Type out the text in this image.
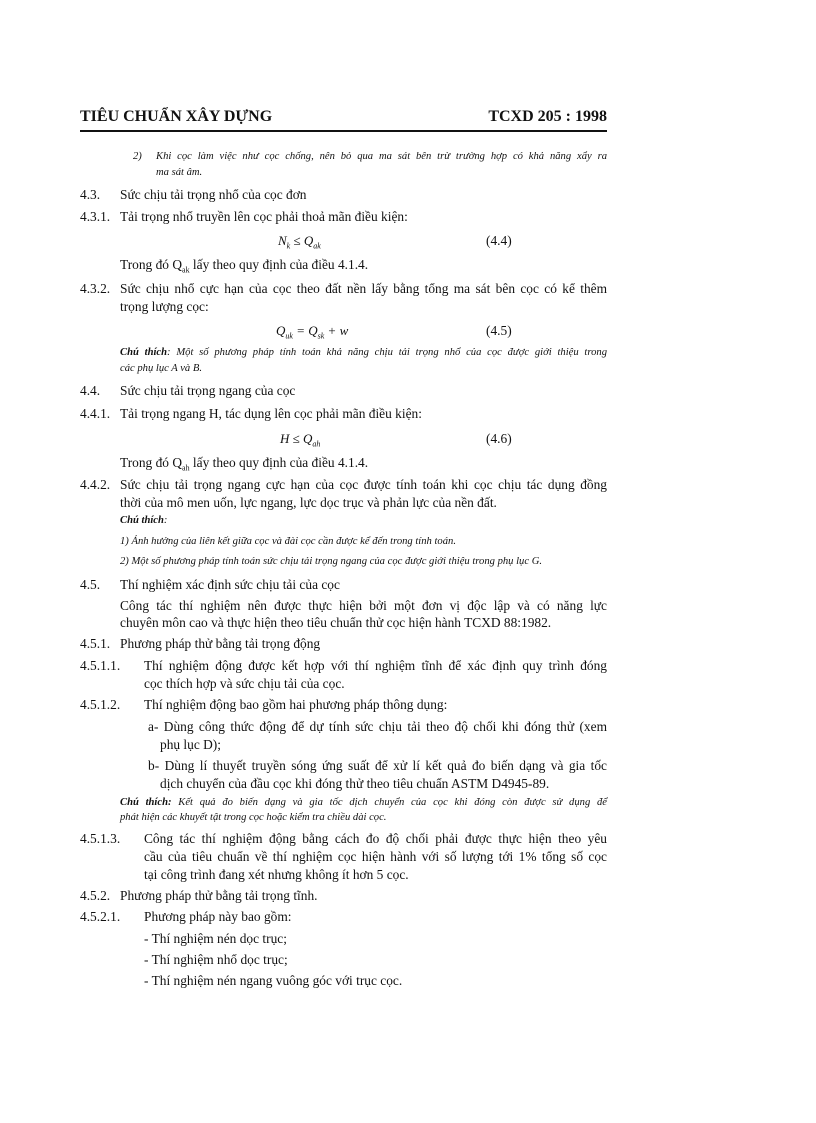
TIÊU CHUẨN XÂY DỰNG	TCXD 205 : 1998
2) Khi cọc làm việc như cọc chống, nên bỏ qua ma sát bên trừ trường hợp có khả năng xẩy ra
ma sát âm.
4.3. Sức chịu tải trọng nhổ của cọc đơn
4.3.1. Tải trọng nhổ truyền lên cọc phải thoả mãn điều kiện:
$N_k \le Q_{ak}$	(4.4)
Trong đó $Q_{ak}$ lấy theo quy định của điều 4.1.4.
4.3.2. Sức chịu nhổ cực hạn của cọc theo đất nền lấy bằng tổng ma sát bên cọc có kể thêm
trọng lượng cọc:
$Q_{uk} = Q_{sk} + w$	(4.5)
Chú thích: Một số phương pháp tính toán khả năng chịu tải trọng nhổ của cọc được giới thiệu trong
các phụ lục A và B.
4.4. Sức chịu tải trọng ngang của cọc
4.4.1. Tải trọng ngang H, tác dụng lên cọc phải mãn điều kiện:
$H \le Q_{ah}$	(4.6)
Trong đó $Q_{ah}$ lấy theo quy định của điều 4.1.4.
4.4.2. Sức chịu tải trọng ngang cực hạn của cọc được tính toán khi cọc chịu tác dụng đồng
thời của mô men uốn, lực ngang, lực dọc trục và phản lực của nền đất.
Chú thích:
1) Ảnh hưởng của liên kết giữa cọc và đài cọc cần được kể đến trong tính toán.
2) Một số phương pháp tính toán sức chịu tải trọng ngang của cọc được giới thiệu trong phụ lục G.
4.5. Thí nghiệm xác định sức chịu tải của cọc
Công tác thí nghiệm nên được thực hiện bởi một đơn vị độc lập và có năng lực
chuyên môn cao và thực hiện theo tiêu chuẩn thử cọc hiện hành TCXD 88:1982.
4.5.1. Phương pháp thử bằng tải trọng động
4.5.1.1. Thí nghiệm động được kết hợp với thí nghiệm tĩnh để xác định quy trình đóng
cọc thích hợp và sức chịu tải của cọc.
4.5.1.2. Thí nghiệm động bao gồm hai phương pháp thông dụng:
a- Dùng công thức động để dự tính sức chịu tải theo độ chối khi đóng thử (xem
phụ lục D);
b- Dùng lí thuyết truyền sóng ứng suất để xử lí kết quả đo biến dạng và gia tốc
dịch chuyển của đầu cọc khi đóng thử theo tiêu chuẩn ASTM D4945-89.
Chú thích: Kết quả đo biến dạng và gia tốc dịch chuyển của cọc khi đóng còn được sử dụng để
phát hiện các khuyết tật trong cọc hoặc kiểm tra chiều dài cọc.
4.5.1.3. Công tác thí nghiệm động bằng cách đo độ chối phải được thực hiện theo yêu
cầu của tiêu chuẩn về thí nghiệm cọc hiện hành với số lượng tới 1% tổng số cọc
tại công trình đang xét nhưng không ít hơn 5 cọc.
4.5.2. Phương pháp thử bằng tải trọng tĩnh.
4.5.2.1. Phương pháp này bao gồm:
- Thí nghiệm nén dọc trục;
- Thí nghiệm nhổ dọc trục;
- Thí nghiệm nén ngang vuông góc với trục cọc.
